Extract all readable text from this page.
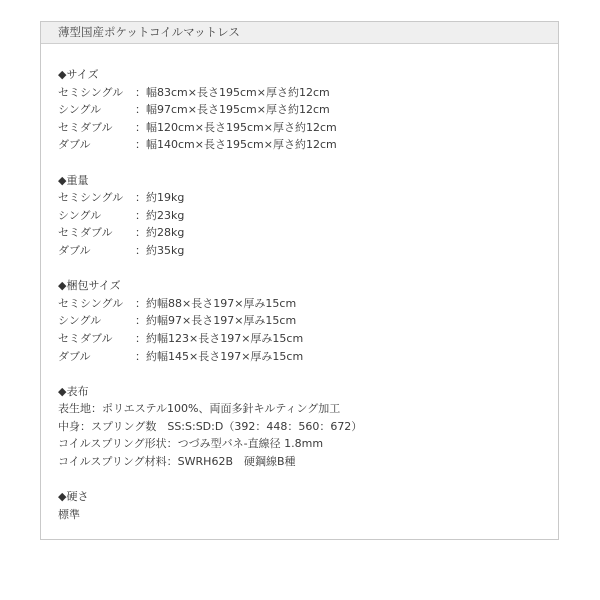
薄型国産ポケットコイルマットレス
◆サイズ
セミシングル	：幅83cm×長さ195cm×厚さ約12cm
シングル	：幅97cm×長さ195cm×厚さ約12cm
セミダブル	：幅120cm×長さ195cm×厚さ約12cm
ダブル	：幅140cm×長さ195cm×厚さ約12cm
◆重量
セミシングル	：約19kg
シングル	：約23kg
セミダブル	：約28kg
ダブル	：約35kg
◆梱包サイズ
セミシングル	：約幅88×長さ197×厚み15cm
シングル	：約幅97×長さ197×厚み15cm
セミダブル	：約幅123×長さ197×厚み15cm
ダブル	：約幅145×長さ197×厚み15cm
◆表布
表生地：ポリエステル100%、両面多針キルティング加工
中身：スプリング数　SS:S:SD:D（392：448：560：672）
コイルスプリング形状：つづみ型バネ-直線径 1.8mm
コイルスプリング材料：SWRH62B　硬鋼線B種
◆硬さ
標準
